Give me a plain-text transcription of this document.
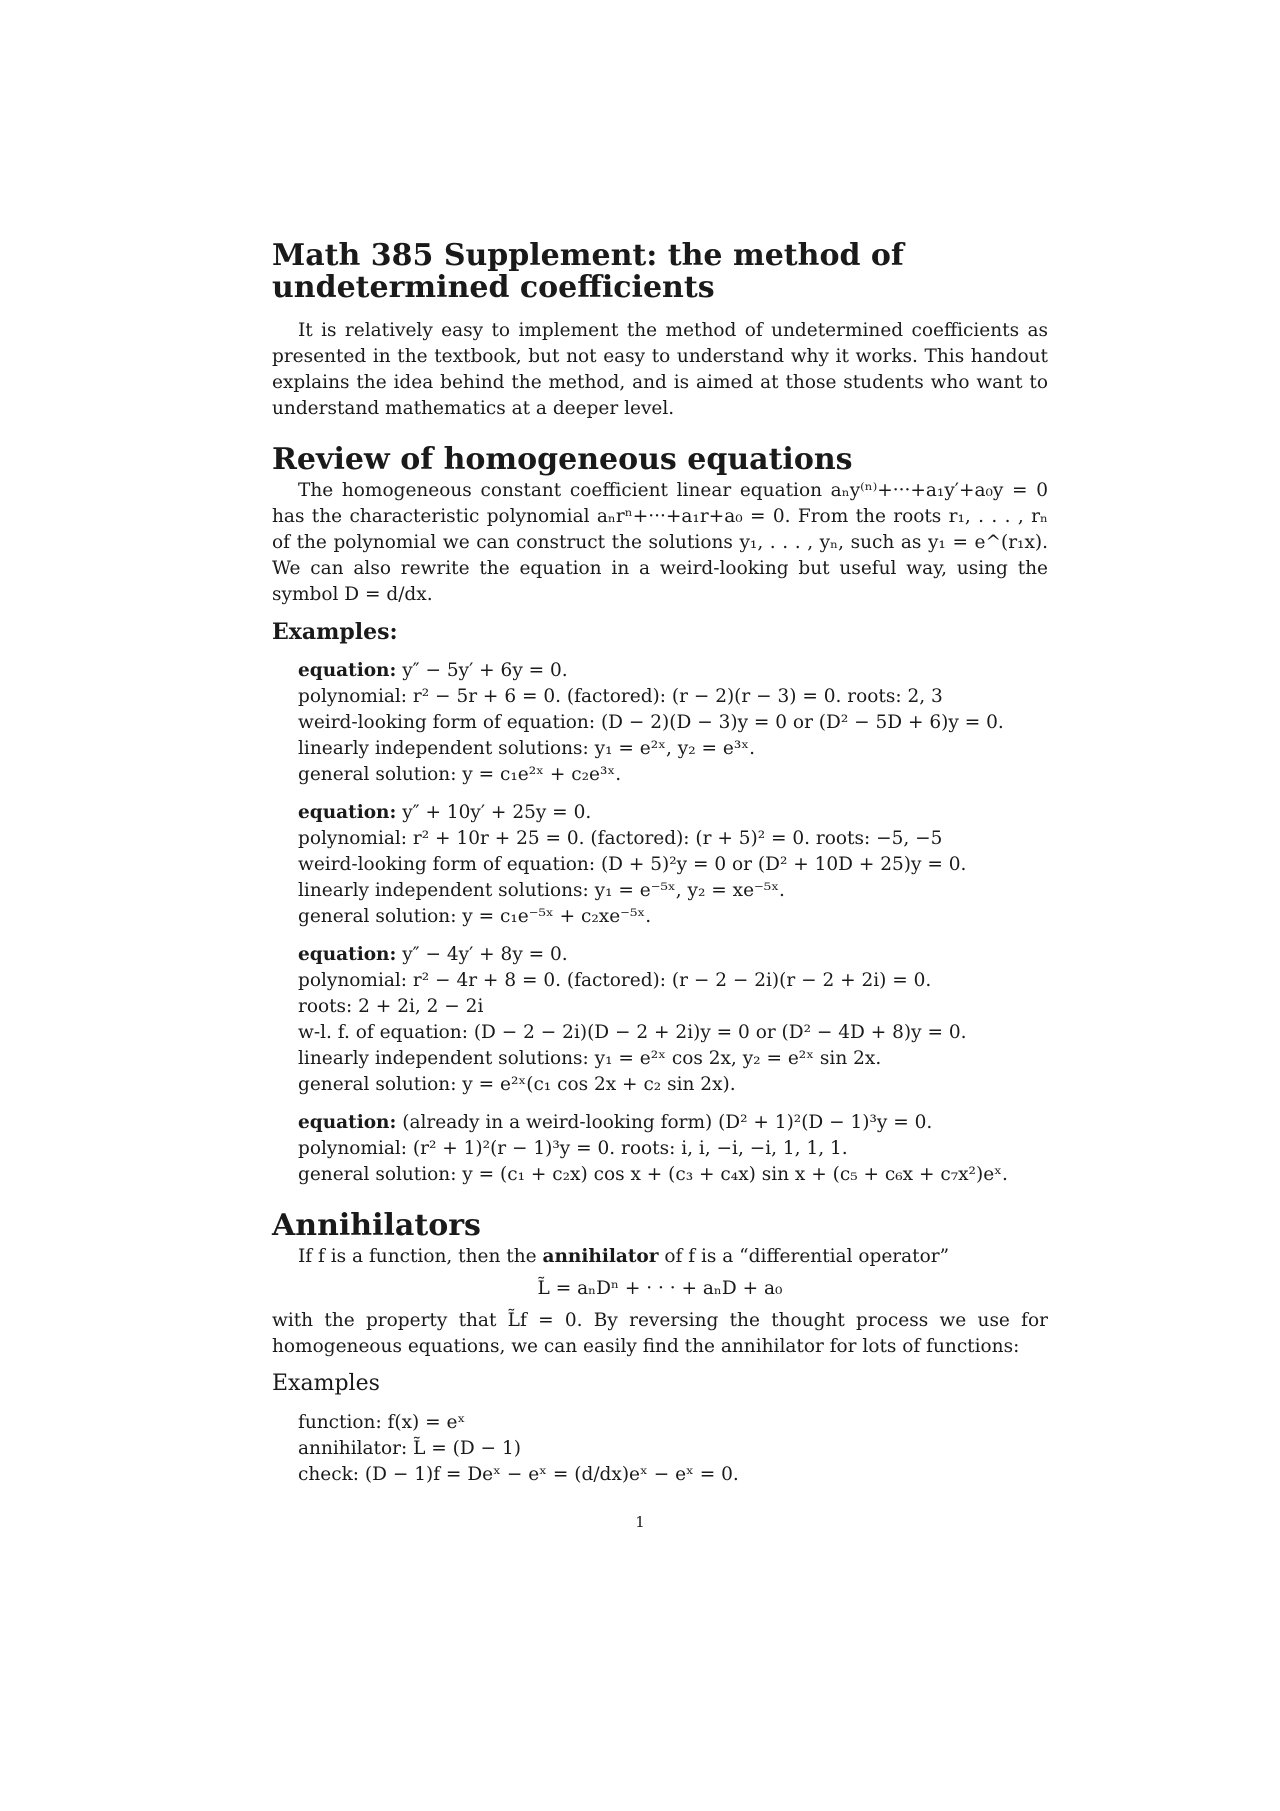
Math 385 Supplement: the method of undetermined coefficients

It is relatively easy to implement the method of undetermined coefficients as presented in the textbook, but not easy to understand why it works. This handout explains the idea behind the method, and is aimed at those students who want to understand mathematics at a deeper level.

Review of homogeneous equations

The homogeneous constant coefficient linear equation aₙy⁽ⁿ⁾+···+a₁y′+a₀y = 0 has the characteristic polynomial aₙrⁿ+···+a₁r+a₀ = 0. From the roots r₁, . . . , rₙ of the polynomial we can construct the solutions y₁, . . . , yₙ, such as y₁ = e^(r₁x). We can also rewrite the equation in a weird-looking but useful way, using the symbol D = d/dx.

Examples:
equation: y″ − 5y′ + 6y = 0.
polynomial: r² − 5r + 6 = 0. (factored): (r − 2)(r − 3) = 0. roots: 2, 3
weird-looking form of equation: (D − 2)(D − 3)y = 0 or (D² − 5D + 6)y = 0.
linearly independent solutions: y₁ = e²ˣ, y₂ = e³ˣ.
general solution: y = c₁e²ˣ + c₂e³ˣ.
equation: y″ + 10y′ + 25y = 0.
polynomial: r² + 10r + 25 = 0. (factored): (r + 5)² = 0. roots: −5, −5
weird-looking form of equation: (D + 5)²y = 0 or (D² + 10D + 25)y = 0.
linearly independent solutions: y₁ = e⁻⁵ˣ, y₂ = xe⁻⁵ˣ.
general solution: y = c₁e⁻⁵ˣ + c₂xe⁻⁵ˣ.
equation: y″ − 4y′ + 8y = 0.
polynomial: r² − 4r + 8 = 0. (factored): (r − 2 − 2i)(r − 2 + 2i) = 0.
roots: 2 + 2i, 2 − 2i
w-l. f. of equation: (D − 2 − 2i)(D − 2 + 2i)y = 0 or (D² − 4D + 8)y = 0.
linearly independent solutions: y₁ = e²ˣ cos 2x, y₂ = e²ˣ sin 2x.
general solution: y = e²ˣ(c₁ cos 2x + c₂ sin 2x).
equation: (already in a weird-looking form) (D² + 1)²(D − 1)³y = 0.
polynomial: (r² + 1)²(r − 1)³y = 0. roots: i, i, −i, −i, 1, 1, 1.
general solution: y = (c₁ + c₂x) cos x + (c₃ + c₄x) sin x + (c₅ + c₆x + c₇x²)eˣ.
Annihilators

If f is a function, then the annihilator of f is a “differential operator”

L̃ = aₙDⁿ + · · · + aₙD + a₀

with the property that L̃f = 0. By reversing the thought process we use for homogeneous equations, we can easily find the annihilator for lots of functions:

Examples
function: f(x) = eˣ
annihilator: L̃ = (D − 1)
check: (D − 1)f = Deˣ − eˣ = (d/dx)eˣ − eˣ = 0.
1
